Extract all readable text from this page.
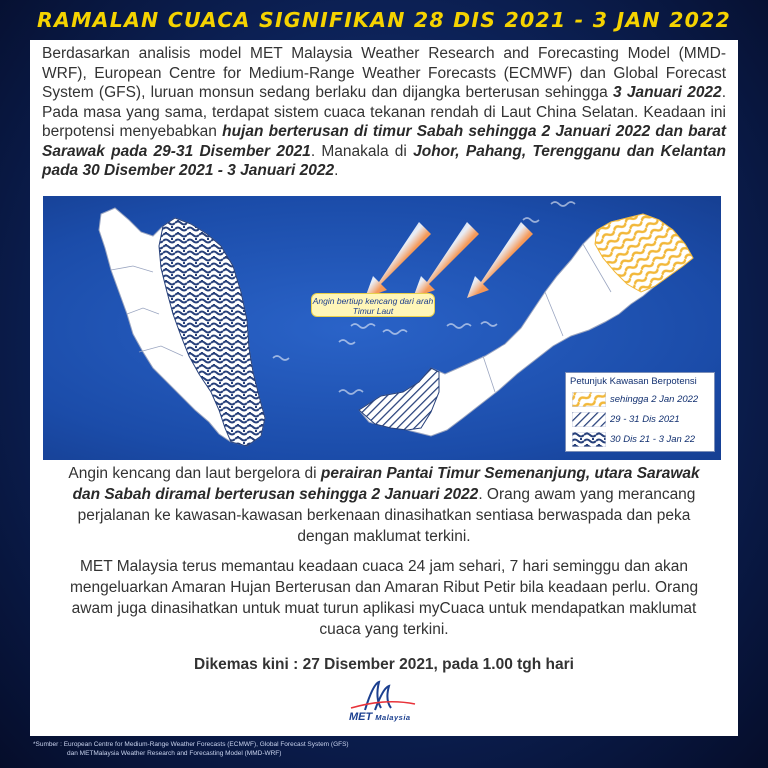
RAMALAN CUACA SIGNIFIKAN 28 DIS 2021 - 3 JAN 2022
Berdasarkan analisis model MET Malaysia Weather Research and Forecasting Model (MMD-WRF), European Centre for Medium-Range Weather Forecasts (ECMWF) dan Global Forecast System (GFS), luruan monsun sedang berlaku dan dijangka berterusan sehingga 3 Januari 2022. Pada masa yang sama, terdapat sistem cuaca tekanan rendah di Laut China Selatan. Keadaan ini berpotensi menyebabkan hujan berterusan di timur Sabah sehingga 2 Januari 2022 dan barat Sarawak pada 29-31 Disember 2021. Manakala di Johor, Pahang, Terengganu dan Kelantan pada 30 Disember 2021 - 3 Januari 2022.
Angin bertiup kencang dari arah Timur Laut
Petunjuk Kawasan Berpotensi
sehingga 2 Jan 2022
29 - 31 Dis 2021
30 Dis 21 - 3 Jan 22
Angin kencang dan laut bergelora di perairan Pantai Timur Semenanjung, utara Sarawak dan Sabah diramal berterusan sehingga 2 Januari 2022. Orang awam yang merancang perjalanan ke kawasan-kawasan berkenaan dinasihatkan sentiasa berwaspada dan peka dengan maklumat terkini.
MET Malaysia terus memantau keadaan cuaca 24 jam sehari, 7 hari seminggu dan akan mengeluarkan Amaran Hujan Berterusan dan Amaran Ribut Petir bila keadaan perlu. Orang awam juga dinasihatkan untuk muat turun aplikasi myCuaca untuk mendapatkan maklumat cuaca yang terkini.
Dikemas kini : 27 Disember 2021, pada 1.00 tgh hari
MET Malaysia
*Sumber : European Centre for Medium-Range Weather Forecasts (ECMWF), Global Forecast System (GFS)
dan METMalaysia Weather Research and Forecasting Model (MMD-WRF)
